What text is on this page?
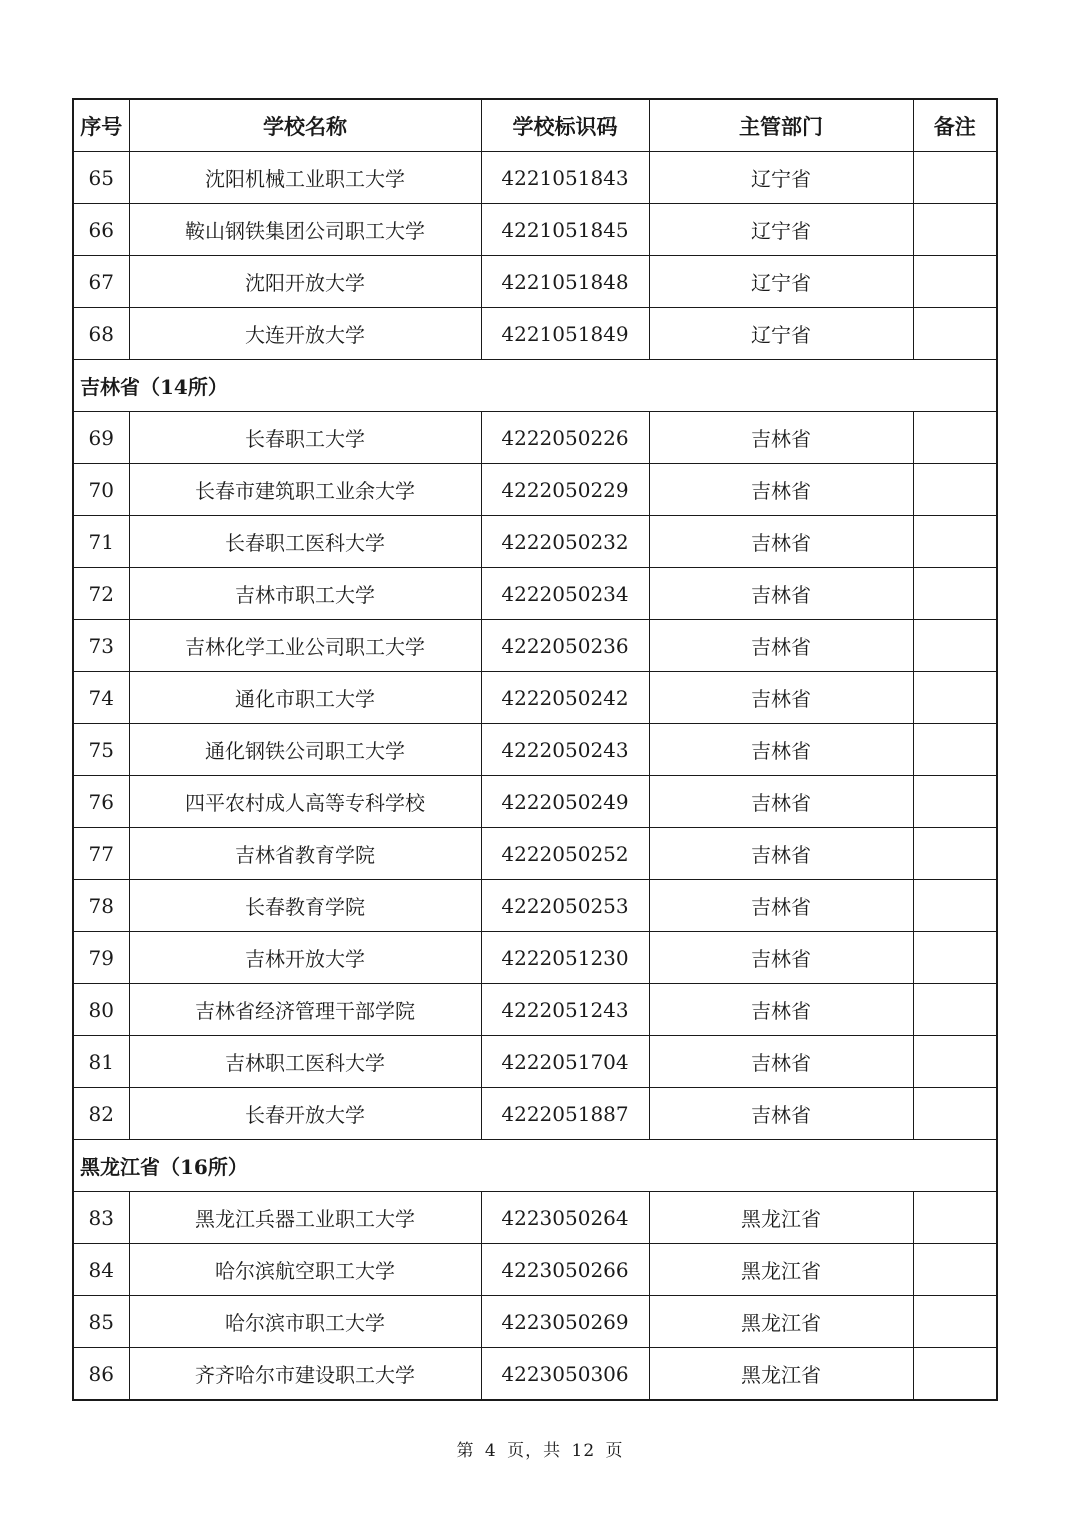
序号	学校名称	学校标识码	主管部门	备注
65	沈阳机械工业职工大学	4221051843	辽宁省	
66	鞍山钢铁集团公司职工大学	4221051845	辽宁省	
67	沈阳开放大学	4221051848	辽宁省	
68	大连开放大学	4221051849	辽宁省	
吉林省（14所）				
69	长春职工大学	4222050226	吉林省	
70	长春市建筑职工业余大学	4222050229	吉林省	
71	长春职工医科大学	4222050232	吉林省	
72	吉林市职工大学	4222050234	吉林省	
73	吉林化学工业公司职工大学	4222050236	吉林省	
74	通化市职工大学	4222050242	吉林省	
75	通化钢铁公司职工大学	4222050243	吉林省	
76	四平农村成人高等专科学校	4222050249	吉林省	
77	吉林省教育学院	4222050252	吉林省	
78	长春教育学院	4222050253	吉林省	
79	吉林开放大学	4222051230	吉林省	
80	吉林省经济管理干部学院	4222051243	吉林省	
81	吉林职工医科大学	4222051704	吉林省	
82	长春开放大学	4222051887	吉林省	
黑龙江省（16所）				
83	黑龙江兵器工业职工大学	4223050264	黑龙江省	
84	哈尔滨航空职工大学	4223050266	黑龙江省	
85	哈尔滨市职工大学	4223050269	黑龙江省	
86	齐齐哈尔市建设职工大学	4223050306	黑龙江省	
第 4 页，共 12 页
